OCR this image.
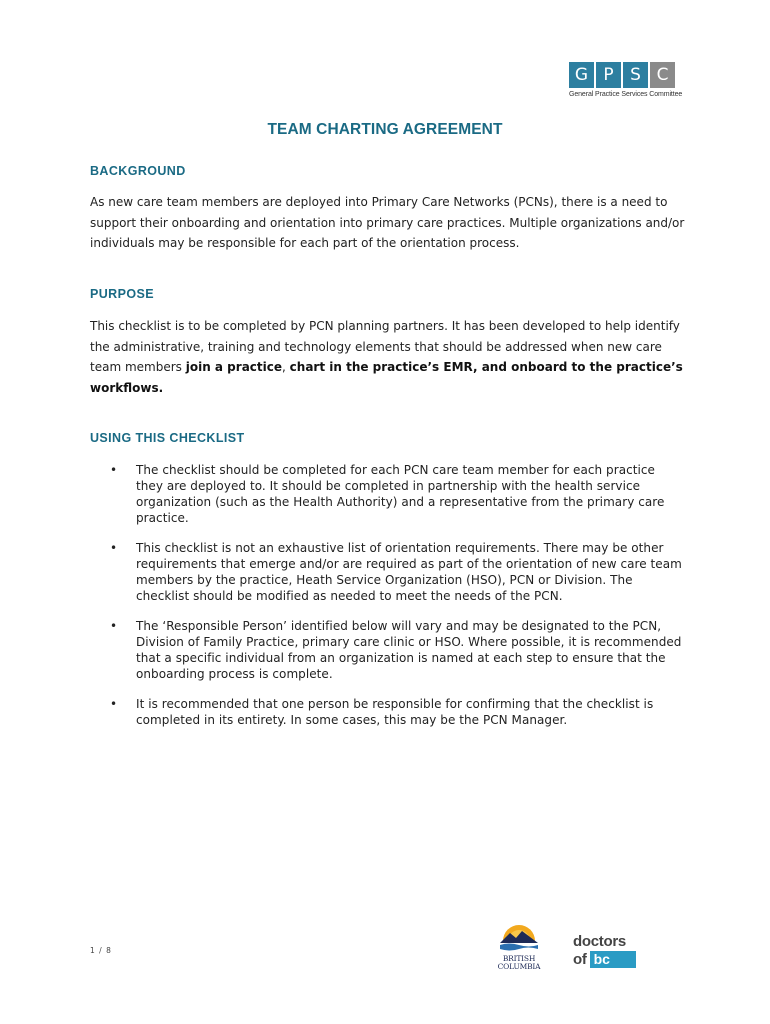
G P S C
General Practice Services Committee
TEAM CHARTING AGREEMENT
BACKGROUND
As new care team members are deployed into Primary Care Networks (PCNs), there is a need to support their onboarding and orientation into primary care practices. Multiple organizations and/or individuals may be responsible for each part of the orientation process.
PURPOSE
This checklist is to be completed by PCN planning partners. It has been developed to help identify the administrative, training and technology elements that should be addressed when new care team members join a practice, chart in the practice’s EMR, and onboard to the practice’s workflows.
USING THIS CHECKLIST
•	The checklist should be completed for each PCN care team member for each practice they are deployed to. It should be completed in partnership with the health service organization (such as the Health Authority) and a representative from the primary care practice.
•	This checklist is not an exhaustive list of orientation requirements. There may be other requirements that emerge and/or are required as part of the orientation of new care team members by the practice, Heath Service Organization (HSO), PCN or Division. The checklist should be modified as needed to meet the needs of the PCN.
•	The ‘Responsible Person’ identified below will vary and may be designated to the PCN, Division of Family Practice, primary care clinic or HSO. Where possible, it is recommended that a specific individual from an organization is named at each step to ensure that the onboarding process is complete.
•	It is recommended that one person be responsible for confirming that the checklist is completed in its entirety. In some cases, this may be the PCN Manager.
1 / 8
BRITISH
COLUMBIA
doctors
of bc
